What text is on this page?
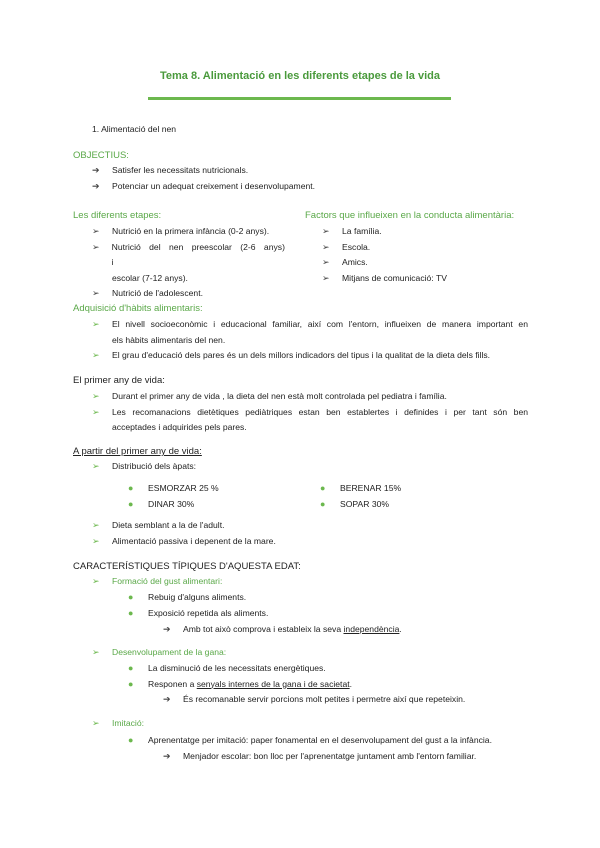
Tema 8. Alimentació en les diferents etapes de la vida
1. Alimentació del nen
OBJECTIUS:
➔	Satisfer les necessitats nutricionals.
➔	Potenciar un adequat creixement i desenvolupament.
Les diferents etapes:
➢	Nutrició en la primera infància (0-2 anys).
➢	Nutrició del nen preescolar (2-6 anys) i
escolar (7-12 anys).
➢	Nutrició de l'adolescent.
Factors que influeixen en la conducta alimentària:
➢	La família.
➢	Escola.
➢	Amics.
➢	Mitjans de comunicació: TV
Adquisició d'hàbits alimentaris:
➢	El nivell socioeconòmic i educacional familiar, així com l'entorn, influeixen de manera important en
els hàbits alimentaris del nen.
➢	El grau d'educació dels pares és un dels millors indicadors del tipus i la qualitat de la dieta dels fills.
El primer any de vida:
➢	Durant el primer any de vida , la dieta del nen està molt controlada pel pediatra i família.
➢	Les recomanacions dietètiques pediàtriques estan ben establertes i definides i per tant són ben
acceptades i adquirides pels pares.
A partir del primer any de vida:
➢	Distribució dels àpats:
●	ESMORZAR 25 %
●	DINAR 30%
●	BERENAR 15%
●	SOPAR 30%
➢	Dieta semblant a la de l'adult.
➢	Alimentació passiva i depenent de la mare.
CARACTERÍSTIQUES TÍPIQUES D'AQUESTA EDAT:
➢	Formació del gust alimentari:
●	Rebuig d'alguns aliments.
●	Exposició repetida als aliments.
➔	Amb tot això comprova i estableix la seva independència.
➢	Desenvolupament de la gana:
●	La disminució de les necessitats energètiques.
●	Responen a senyals internes de la gana i de sacietat.
➔	És recomanable servir porcions molt petites i permetre així que repeteixin.
➢	Imitació:
●	Aprenentatge per imitació: paper fonamental en el desenvolupament del gust a la infància.
➔	Menjador escolar: bon lloc per l'aprenentatge juntament amb l'entorn familiar.
